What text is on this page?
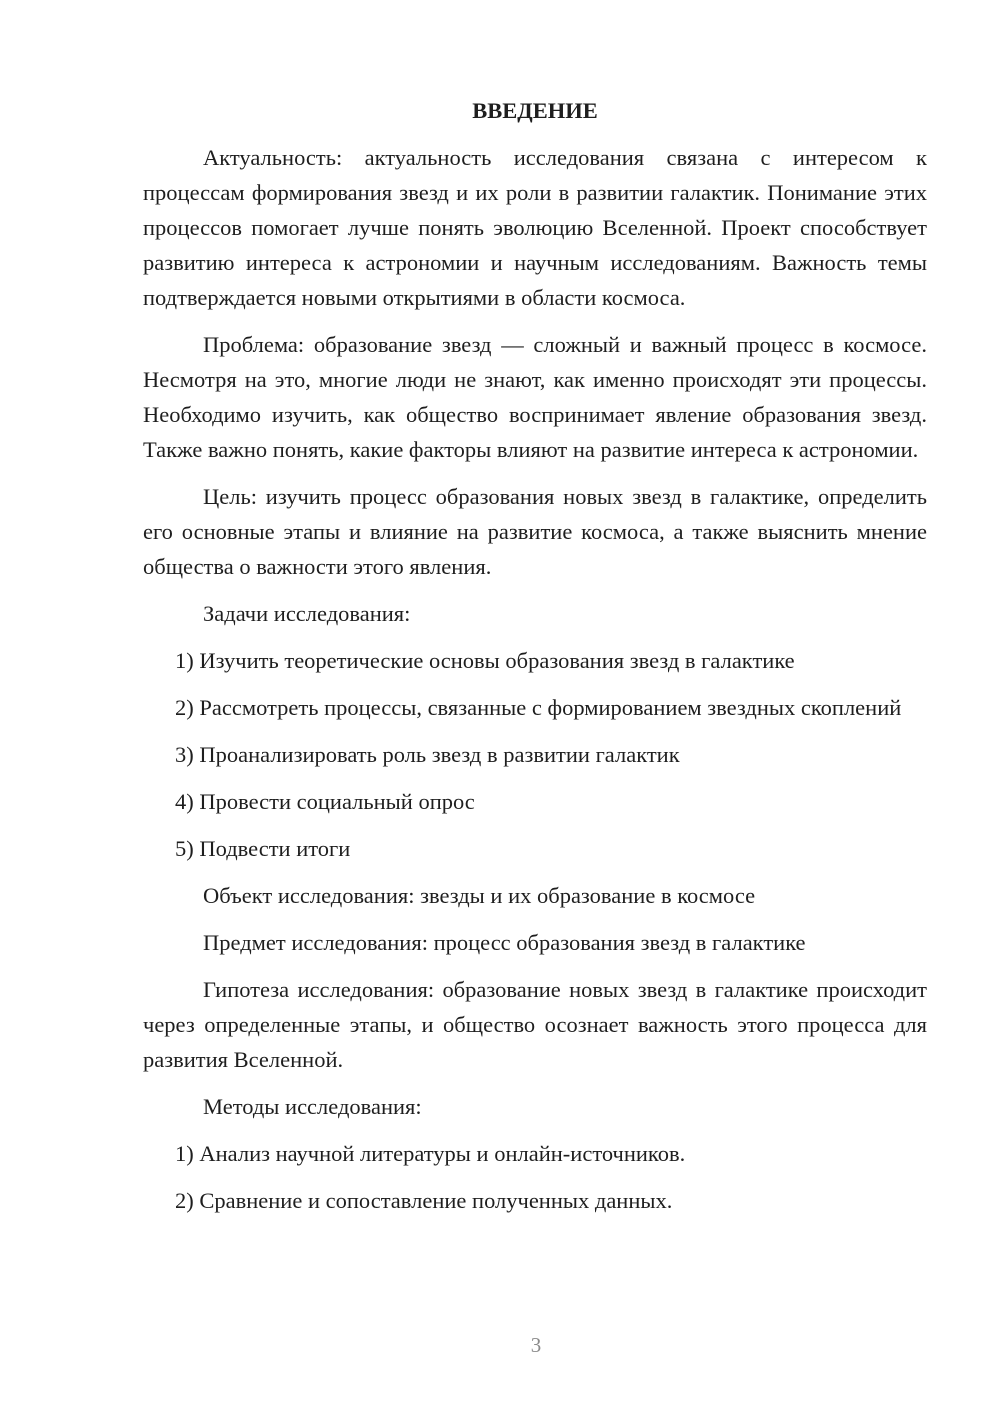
ВВЕДЕНИЕ

Актуальность: актуальность исследования связана с интересом к процессам формирования звезд и их роли в развитии галактик. Понимание этих процессов помогает лучше понять эволюцию Вселенной. Проект способствует развитию интереса к астрономии и научным исследованиям. Важность темы подтверждается новыми открытиями в области космоса.

Проблема: образование звезд — сложный и важный процесс в космосе. Несмотря на это, многие люди не знают, как именно происходят эти процессы. Необходимо изучить, как общество воспринимает явление образования звезд. Также важно понять, какие факторы влияют на развитие интереса к астрономии.

Цель: изучить процесс образования новых звезд в галактике, определить его основные этапы и влияние на развитие космоса, а также выяснить мнение общества о важности этого явления.

Задачи исследования:

1) Изучить теоретические основы образования звезд в галактике

2) Рассмотреть процессы, связанные с формированием звездных скоплений

3) Проанализировать роль звезд в развитии галактик

4) Провести социальный опрос

5) Подвести итоги

Объект исследования: звезды и их образование в космосе

Предмет исследования: процесс образования звезд в галактике

Гипотеза исследования: образование новых звезд в галактике происходит через определенные этапы, и общество осознает важность этого процесса для развития Вселенной.

Методы исследования:

1) Анализ научной литературы и онлайн-источников.

2) Сравнение и сопоставление полученных данных.

3
